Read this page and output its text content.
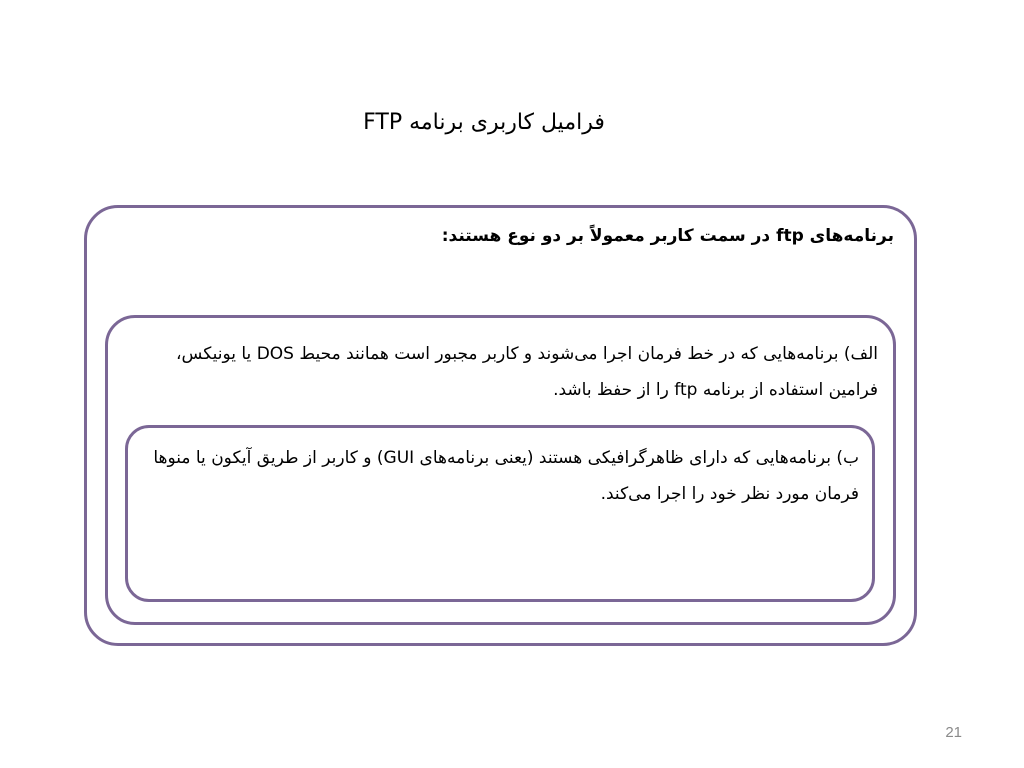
فرامیل کاربری برنامه FTP
برنامه‌های ftp در سمت کاربر معمولاً بر دو نوع هستند:
الف) برنامه‌هایی که در خط فرمان اجرا می‌شوند و کاربر مجبور است همانند محیط DOS یا یونیکس، فرامین استفاده از برنامه ftp را از حفظ باشد.
ب) برنامه‌هایی که دارای ظاهرگرافیکی هستند (یعنی برنامه‌های GUI) و کاربر از طریق آیکون یا منوها فرمان مورد نظر خود را اجرا می‌کند.
21
